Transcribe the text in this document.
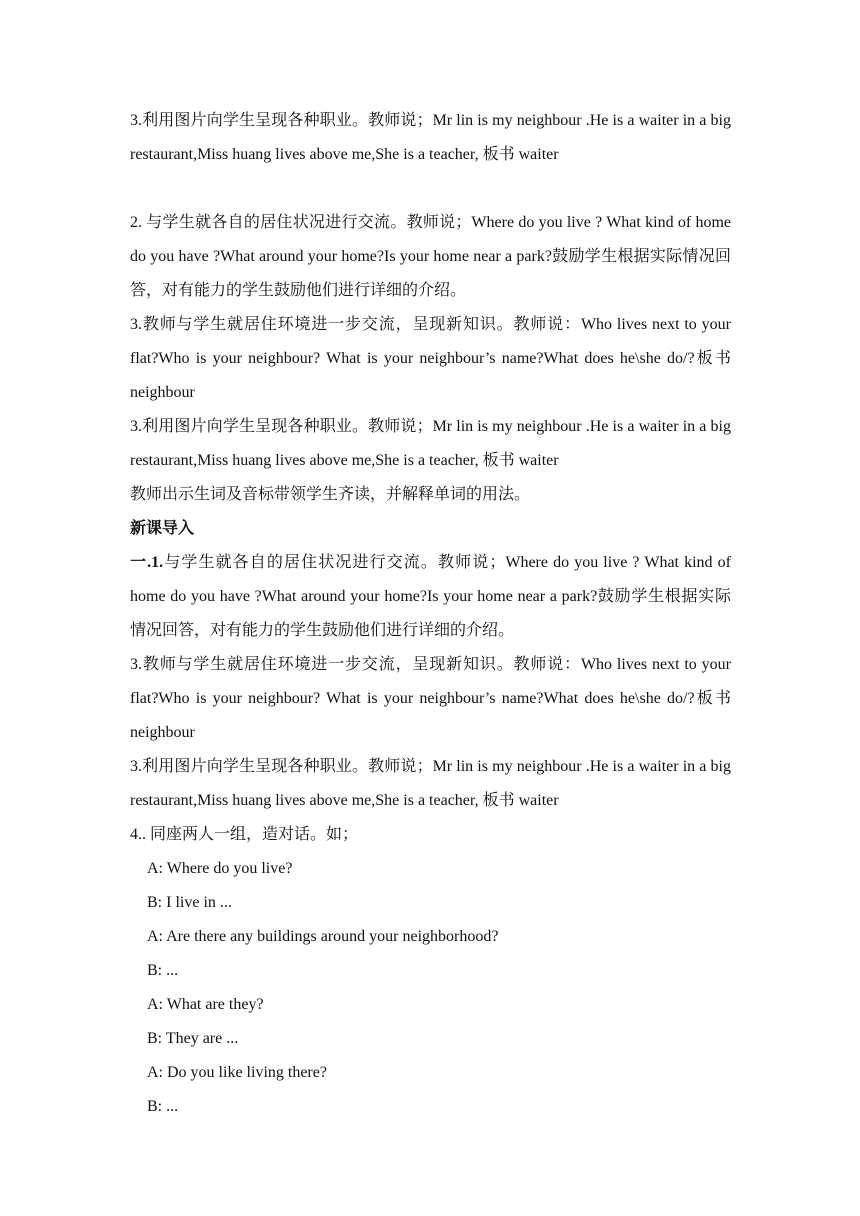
3.利用图片向学生呈现各种职业。教师说；Mr lin is my neighbour .He is a waiter in a big restaurant,Miss huang lives above me,She is a teacher, 板书 waiter

2. 与学生就各自的居住状况进行交流。教师说；Where do you live ? What kind of home do you have ?What around your home?Is your home near a park?鼓励学生根据实际情况回答，对有能力的学生鼓励他们进行详细的介绍。

3.教师与学生就居住环境进一步交流，呈现新知识。教师说：Who lives next to your flat?Who is your neighbour? What is your neighbour’s name?What does he\she do/?板书 neighbour

3.利用图片向学生呈现各种职业。教师说；Mr lin is my neighbour .He is a waiter in a big restaurant,Miss huang lives above me,She is a teacher, 板书 waiter

教师出示生词及音标带领学生齐读，并解释单词的用法。

新课导入

一.1.与学生就各自的居住状况进行交流。教师说；Where do you live ? What kind of home do you have ?What around your home?Is your home near a park?鼓励学生根据实际情况回答，对有能力的学生鼓励他们进行详细的介绍。

3.教师与学生就居住环境进一步交流，呈现新知识。教师说：Who lives next to your flat?Who is your neighbour? What is your neighbour’s name?What does he\she do/?板书 neighbour

3.利用图片向学生呈现各种职业。教师说；Mr lin is my neighbour .He is a waiter in a big restaurant,Miss huang lives above me,She is a teacher, 板书 waiter

4.. 同座两人一组，造对话。如；

A: Where do you live?

B: I live in ...

A: Are there any buildings around your neighborhood?

B: ...

A: What are they?

B: They are ...

A: Do you like living there?

B: ...
